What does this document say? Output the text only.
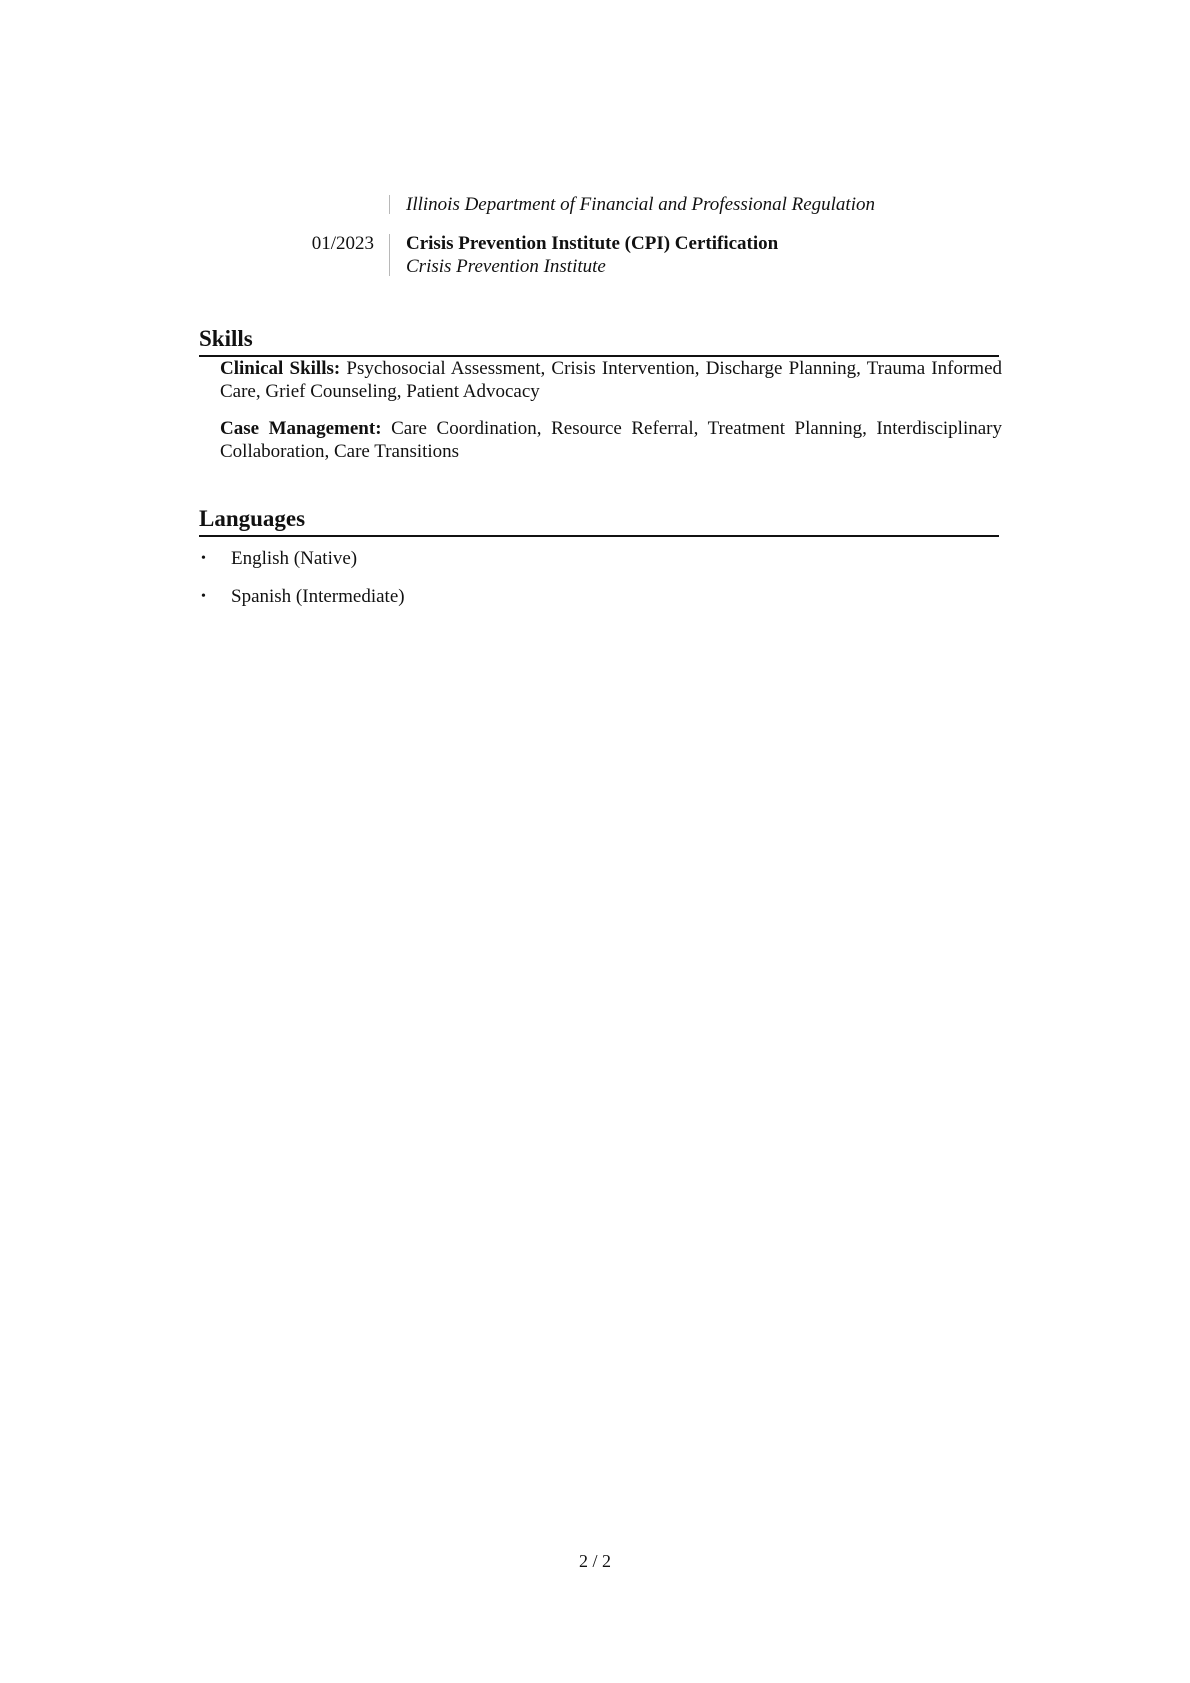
Illinois Department of Financial and Professional Regulation
01/2023	Crisis Prevention Institute (CPI) Certification
Crisis Prevention Institute
Skills
Clinical Skills: Psychosocial Assessment, Crisis Intervention, Discharge Planning, Trauma Informed Care, Grief Counseling, Patient Advocacy
Case Management: Care Coordination, Resource Referral, Treatment Planning, Interdisciplinary Collaboration, Care Transitions
Languages
•	English (Native)
•	Spanish (Intermediate)
2 / 2
